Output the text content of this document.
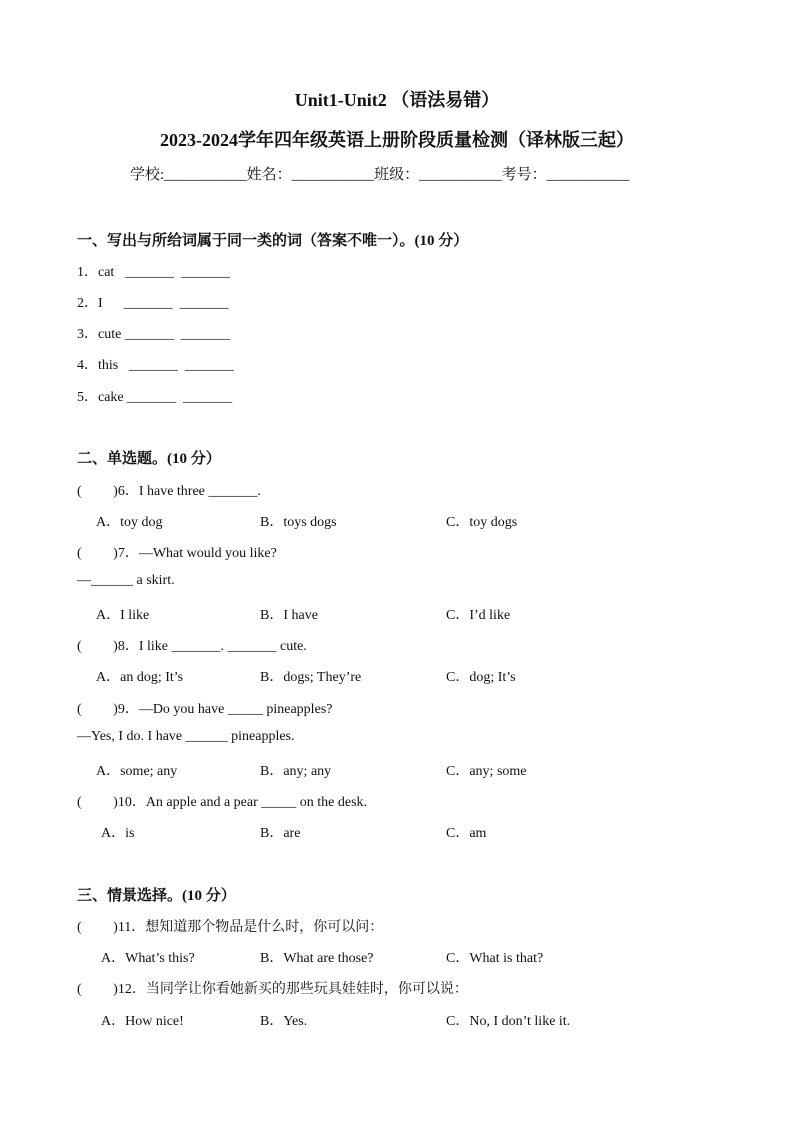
Unit1-Unit2 （语法易错）
2023-2024学年四年级英语上册阶段质量检测（译林版三起）
学校:___________姓名：___________班级：___________考号：___________
一、写出与所给词属于同一类的词（答案不唯一）。(10 分）
1．cat   _______  _______
2．I      _______  _______
3．cute _______  _______
4．this   _______  _______
5．cake _______  _______
二、单选题。(10 分）
(         )6．I have three _______.
A．toy dog	B．toys dogs	C．toy dogs
(         )7．—What would you like?
—______ a skirt.
A．I like	B．I have	C．I’d like
(         )8．I like _______. _______ cute.
A．an dog; It’s	B．dogs; They’re	C．dog; It’s
(         )9．—Do you have _____ pineapples?
—Yes, I do. I have ______ pineapples.
A．some; any	B．any; any	C．any; some
(         )10．An apple and a pear _____ on the desk.
A．is	B．are	C．am
三、情景选择。(10 分）
(         )11．想知道那个物品是什么时，你可以问：
A．What’s this?	B．What are those?	C．What is that?
(         )12．当同学让你看她新买的那些玩具娃娃时，你可以说：
A．How nice!	B．Yes.	C．No, I don’t like it.
